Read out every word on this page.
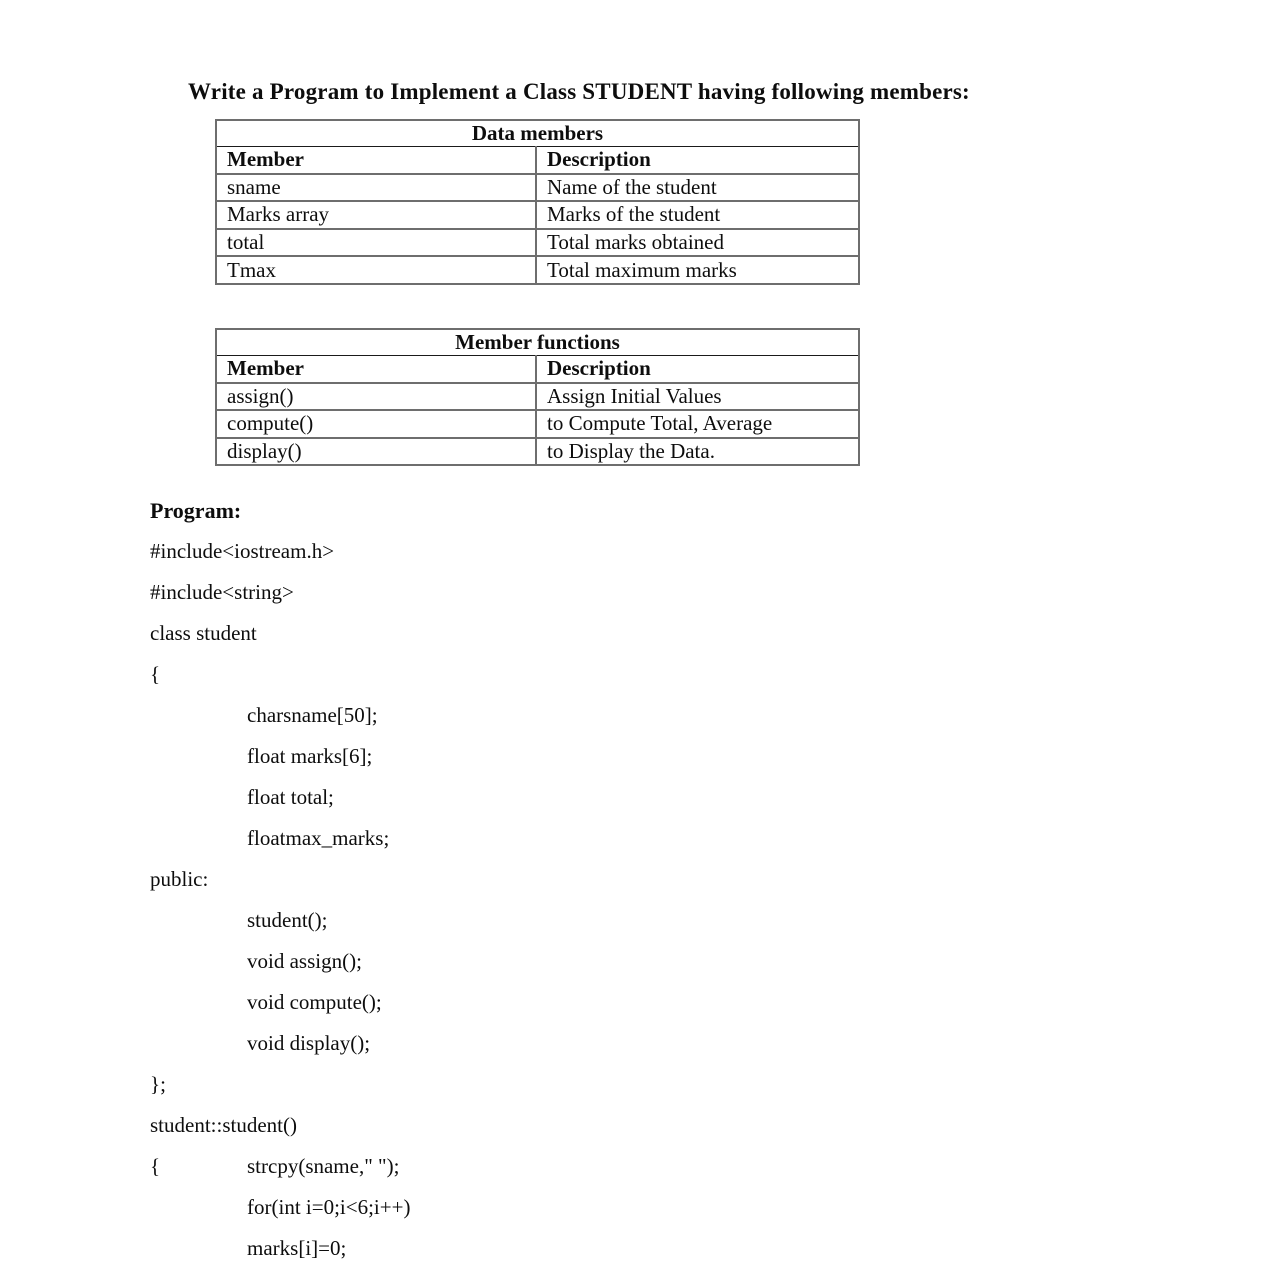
Write a Program to Implement a Class STUDENT having following members:
Data members	
Member	Description
sname	Name of the student
Marks array	Marks of the student
total	Total marks obtained
Tmax	Total maximum marks
Member functions	
Member	Description
assign()	Assign Initial Values
compute()	to Compute Total, Average
display()	to Display the Data.
Program:
#include<iostream.h>
#include<string>
class student
{
charsname[50];
float marks[6];
float total;
floatmax_marks;
public:
student();
void assign();
void compute();
void display();
};
student::student()
{	strcpy(sname," ");
for(int i=0;i<6;i++)
marks[i]=0;
